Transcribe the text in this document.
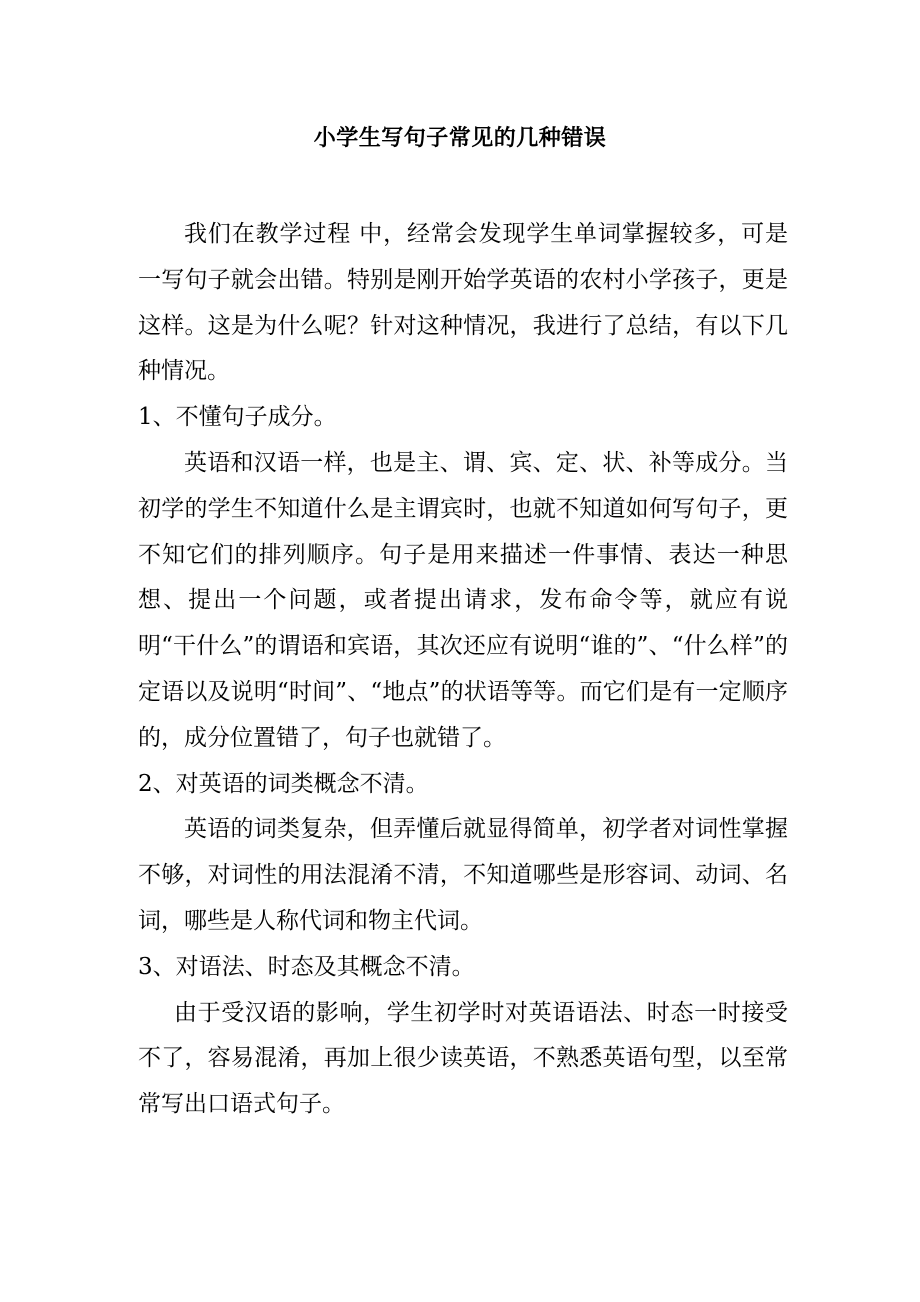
小学生写句子常见的几种错误

我们在教学过程 中，经常会发现学生单词掌握较多，可是一写句子就会出错。特别是刚开始学英语的农村小学孩子，更是这样。这是为什么呢？针对这种情况，我进行了总结，有以下几种情况。

1、不懂句子成分。

英语和汉语一样，也是主、谓、宾、定、状、补等成分。当初学的学生不知道什么是主谓宾时，也就不知道如何写句子，更不知它们的排列顺序。句子是用来描述一件事情、表达一种思想、提出一个问题，或者提出请求，发布命令等，就应有说明“干什么”的谓语和宾语，其次还应有说明“谁的”、“什么样”的定语以及说明“时间”、“地点”的状语等等。而它们是有一定顺序的，成分位置错了，句子也就错了。

2、对英语的词类概念不清。

英语的词类复杂，但弄懂后就显得简单，初学者对词性掌握不够，对词性的用法混淆不清，不知道哪些是形容词、动词、名词，哪些是人称代词和物主代词。

3、对语法、时态及其概念不清。

由于受汉语的影响，学生初学时对英语语法、时态一时接受不了，容易混淆，再加上很少读英语，不熟悉英语句型，以至常常写出口语式句子。
